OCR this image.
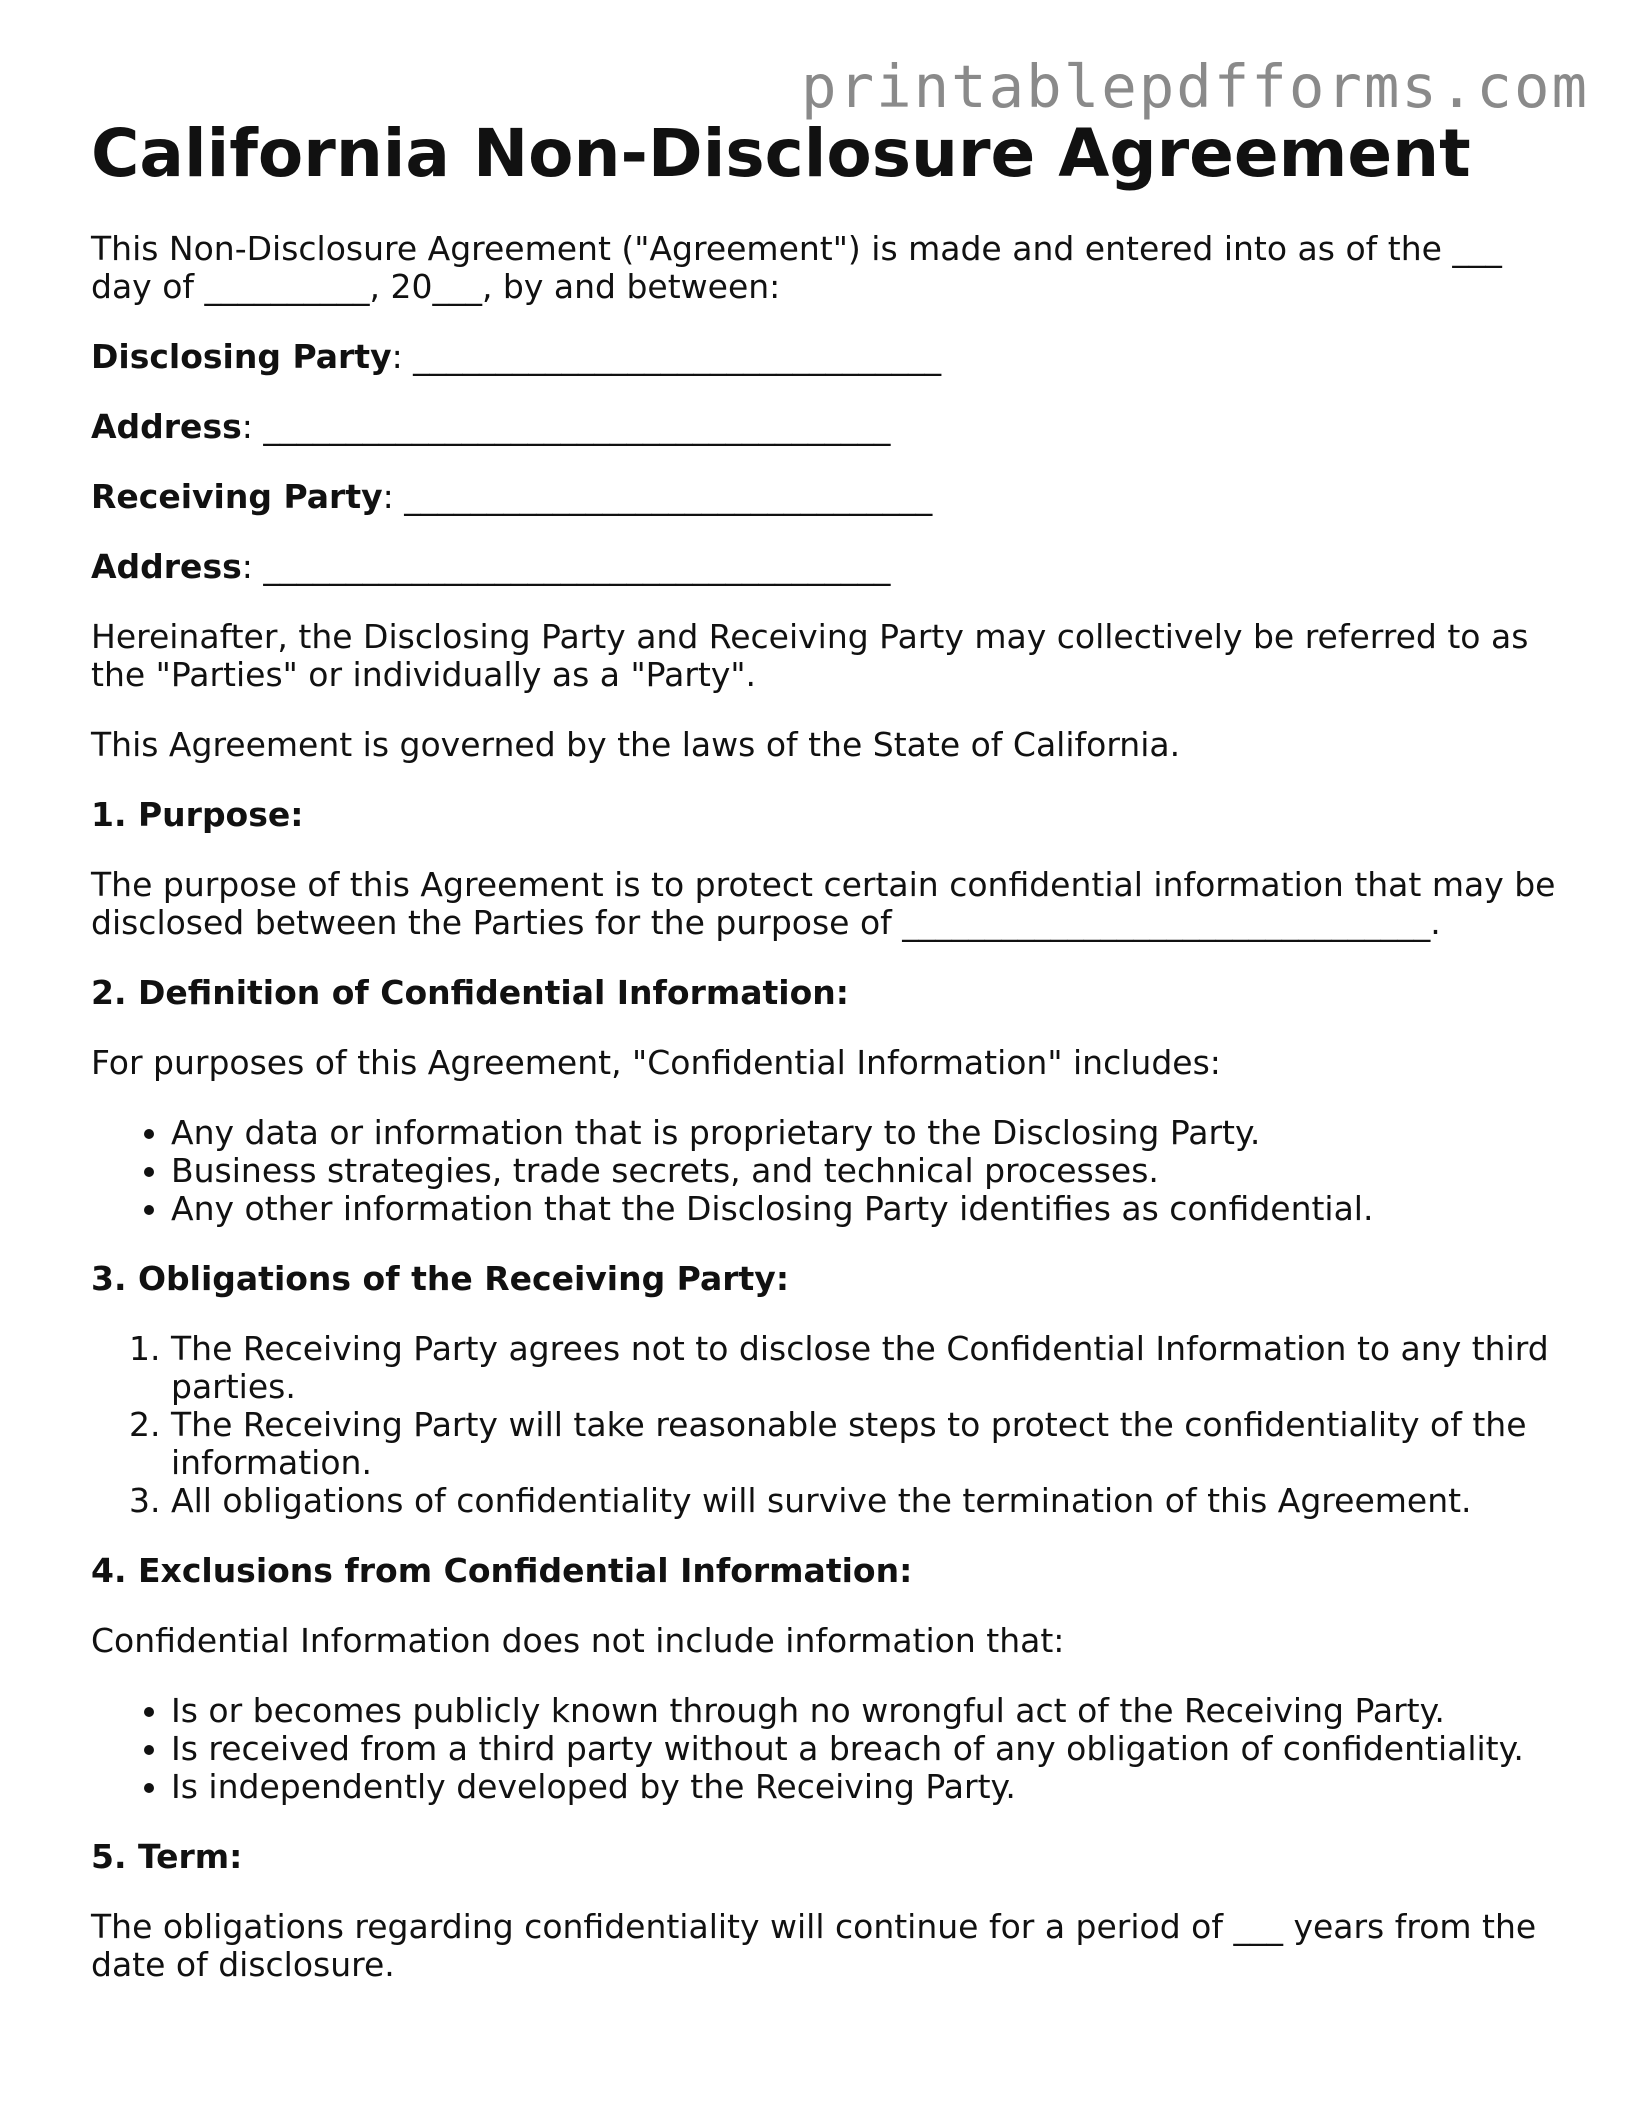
printablepdfforms.com
California Non-Disclosure Agreement

This Non-Disclosure Agreement ("Agreement") is made and entered into as of the ___ day of __________, 20___, by and between:

Disclosing Party: ________________________________

Address: ______________________________________

Receiving Party: ________________________________

Address: ______________________________________

Hereinafter, the Disclosing Party and Receiving Party may collectively be referred to as the "Parties" or individually as a "Party".

This Agreement is governed by the laws of the State of California.

1. Purpose:

The purpose of this Agreement is to protect certain confidential information that may be disclosed between the Parties for the purpose of ________________________________.

2. Definition of Confidential Information:

For purposes of this Agreement, "Confidential Information" includes:

• Any data or information that is proprietary to the Disclosing Party.
• Business strategies, trade secrets, and technical processes.
• Any other information that the Disclosing Party identifies as confidential.
3. Obligations of the Receiving Party:
1. The Receiving Party agrees not to disclose the Confidential Information to any third parties.
2. The Receiving Party will take reasonable steps to protect the confidentiality of the information.
3. All obligations of confidentiality will survive the termination of this Agreement.
4. Exclusions from Confidential Information:

Confidential Information does not include information that:

• Is or becomes publicly known through no wrongful act of the Receiving Party.
• Is received from a third party without a breach of any obligation of confidentiality.
• Is independently developed by the Receiving Party.
5. Term:

The obligations regarding confidentiality will continue for a period of ___ years from the date of disclosure.
